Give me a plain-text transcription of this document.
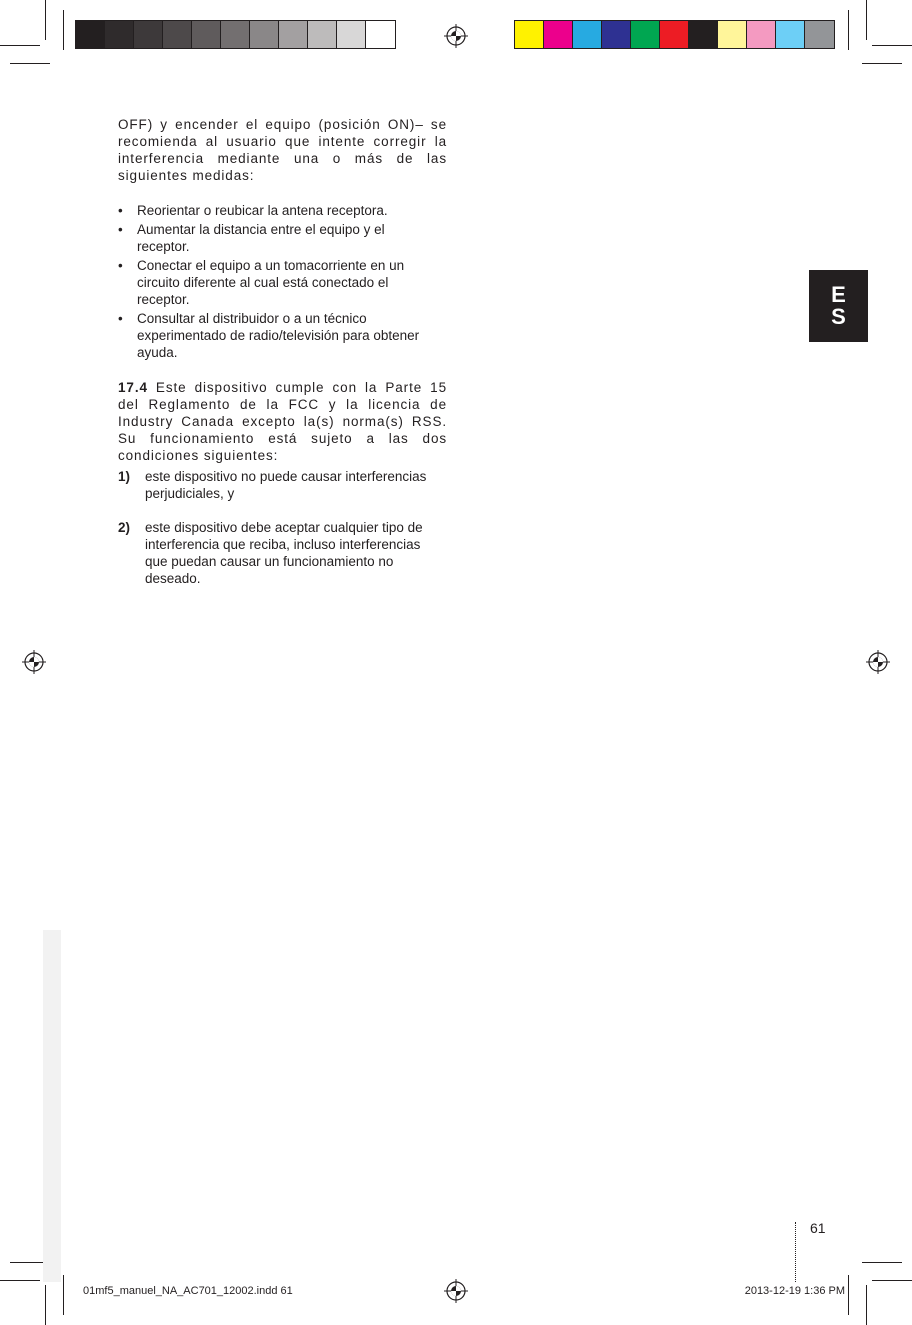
E
S

OFF) y encender el equipo (posición ON)– se recomienda al usuario que intente corregir la interferencia mediante una o más de las siguientes medidas:

• Reorientar o reubicar la antena receptora.
• Aumentar la distancia entre el equipo y el receptor.
• Conectar el equipo a un tomacorriente en un circuito diferente al cual está conectado el receptor.
• Consultar al distribuidor o a un técnico experimentado de radio/televisión para obtener ayuda.

17.4 Este dispositivo cumple con la Parte 15 del Reglamento de la FCC y la licencia de Industry Canada excepto la(s) norma(s) RSS. Su funcionamiento está sujeto a las dos condiciones siguientes:

1) este dispositivo no puede causar interferencias perjudiciales, y
2) este dispositivo debe aceptar cualquier tipo de interferencia que reciba, incluso interferencias que puedan causar un funcionamiento no deseado.
61
01mf5_manuel_NA_AC701_12002.indd 61	2013-12-19 1:36 PM
